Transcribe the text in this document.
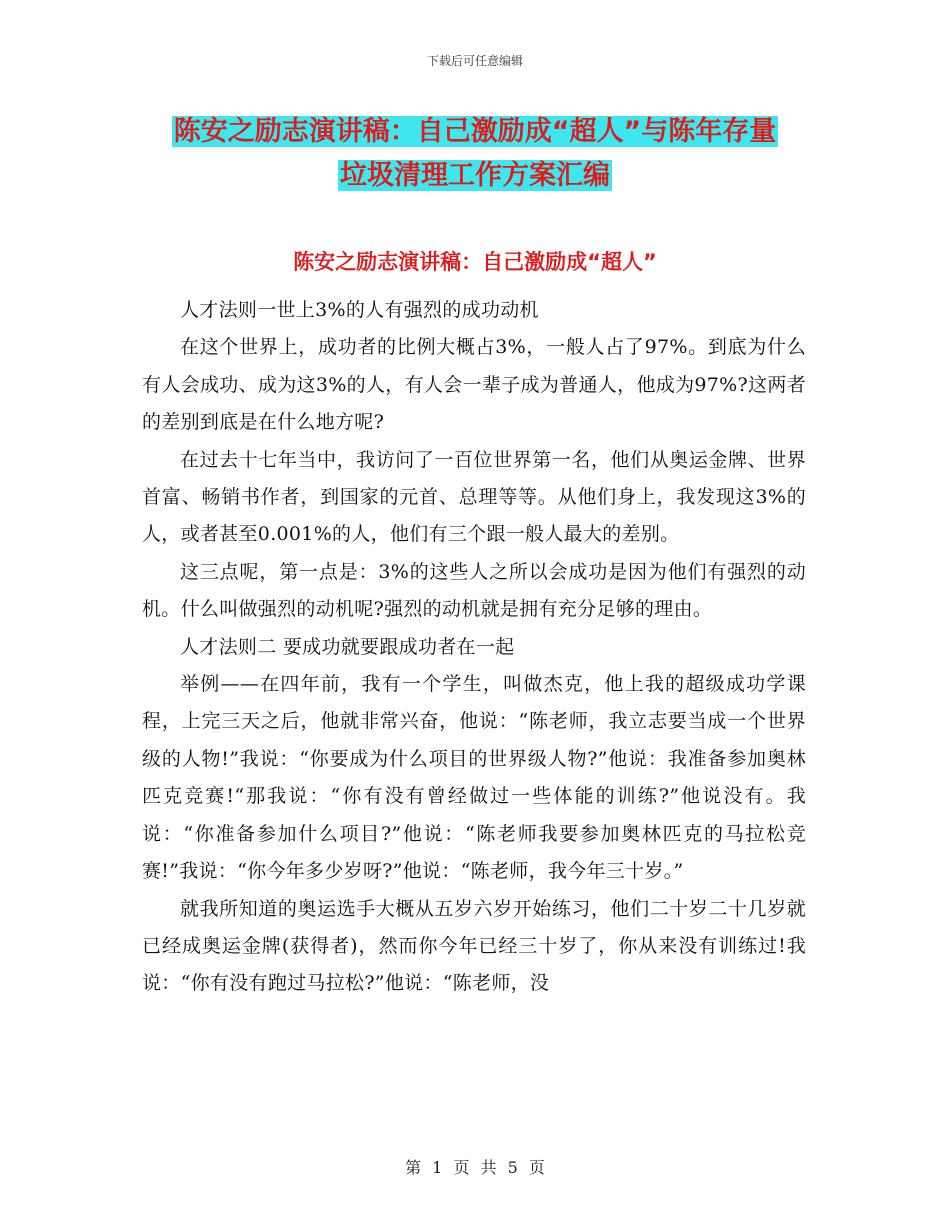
下载后可任意编辑
陈安之励志演讲稿：自己激励成“超人”与陈年存量
垃圾清理工作方案汇编
陈安之励志演讲稿：自己激励成“超人”

人才法则一世上3%的人有强烈的成功动机

在这个世界上，成功者的比例大概占3%，一般人占了97%。到底为什么有人会成功、成为这3%的人，有人会一辈子成为普通人，他成为97%?这两者的差别到底是在什么地方呢?

在过去十七年当中，我访问了一百位世界第一名，他们从奥运金牌、世界首富、畅销书作者，到国家的元首、总理等等。从他们身上，我发现这3%的人，或者甚至0.001%的人，他们有三个跟一般人最大的差别。

这三点呢，第一点是：3%的这些人之所以会成功是因为他们有强烈的动机。什么叫做强烈的动机呢?强烈的动机就是拥有充分足够的理由。

人才法则二 要成功就要跟成功者在一起

举例——在四年前，我有一个学生，叫做杰克，他上我的超级成功学课程，上完三天之后，他就非常兴奋，他说：“陈老师，我立志要当成一个世界级的人物!”我说：“你要成为什么项目的世界级人物?”他说：我准备参加奥林匹克竞赛!“那我说：“你有没有曾经做过一些体能的训练?”他说没有。我说：“你准备参加什么项目?”他说：“陈老师我要参加奥林匹克的马拉松竞赛!”我说：“你今年多少岁呀?”他说：“陈老师，我今年三十岁。”

就我所知道的奥运选手大概从五岁六岁开始练习，他们二十岁二十几岁就已经成奥运金牌(获得者)，然而你今年已经三十岁了，你从来没有训练过!我说：“你有没有跑过马拉松?”他说：“陈老师，没

第 1 页 共 5 页
